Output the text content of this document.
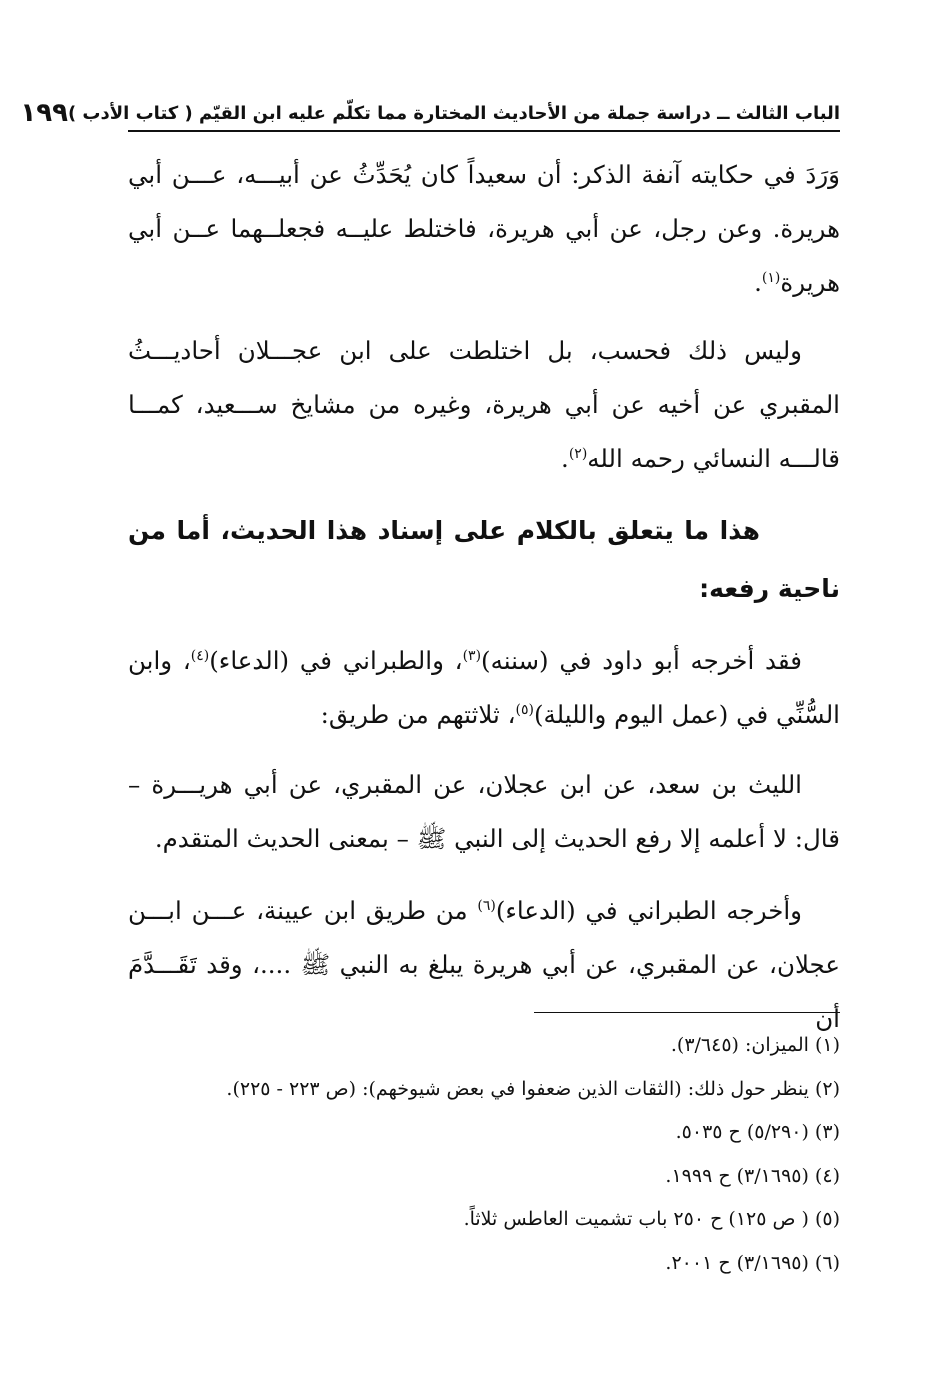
الباب الثالث ــ دراسة جملة من الأحاديث المختارة مما تكلّم عليه ابن القيّم ( كتاب الأدب )
١٩٩

وَرَدَ في حكايته آنفة الذكر: أن سعيداً كان يُحَدِّثُ عن أبيـــه، عـــن أبي هريرة. وعن رجل، عن أبي هريرة، فاختلط عليــه فجعلــهما عــن أبي هريرة$^{(١)}$.

وليس ذلك فحسب، بل اختلطت على ابن عجـــلان أحاديـــثُ المقبري عن أخيه عن أبي هريرة، وغيره من مشايخ ســـعيد، كمـــا قالـــه النسائي رحمه الله$^{(٢)}$.

هذا ما يتعلق بالكلام على إسناد هذا الحديث، أما من ناحية رفعه:

فقد أخرجه أبو داود في (سننه)$^{(٣)}$، والطبراني في (الدعاء)$^{(٤)}$، وابن السُّنِّي في (عمل اليوم والليلة)$^{(٥)}$، ثلاثتهم من طريق:

الليث بن سعد، عن ابن عجلان، عن المقبري، عن أبي هريـــرة – قال: لا أعلمه إلا رفع الحديث إلى النبي ﷺ – بمعنى الحديث المتقدم.

وأخرجه الطبراني في (الدعاء)$^{(٦)}$ من طريق ابن عيينة، عـــن ابـــن عجلان، عن المقبري، عن أبي هريرة يبلغ به النبي ﷺ ....، وقد تَقَـــدَّمَ أن

(١) الميزان: (٣/٦٤٥).

(٢) ينظر حول ذلك: (الثقات الذين ضعفوا في بعض شيوخهم): (ص ٢٢٣ - ٢٢٥).

(٣) (٥/٢٩٠) ح ٥٠٣٥.

(٤) (٣/١٦٩٥) ح ١٩٩٩.

(٥) ( ص ١٢٥) ح ٢٥٠ باب تشميت العاطس ثلاثاً.

(٦) (٣/١٦٩٥) ح ٢٠٠١.
